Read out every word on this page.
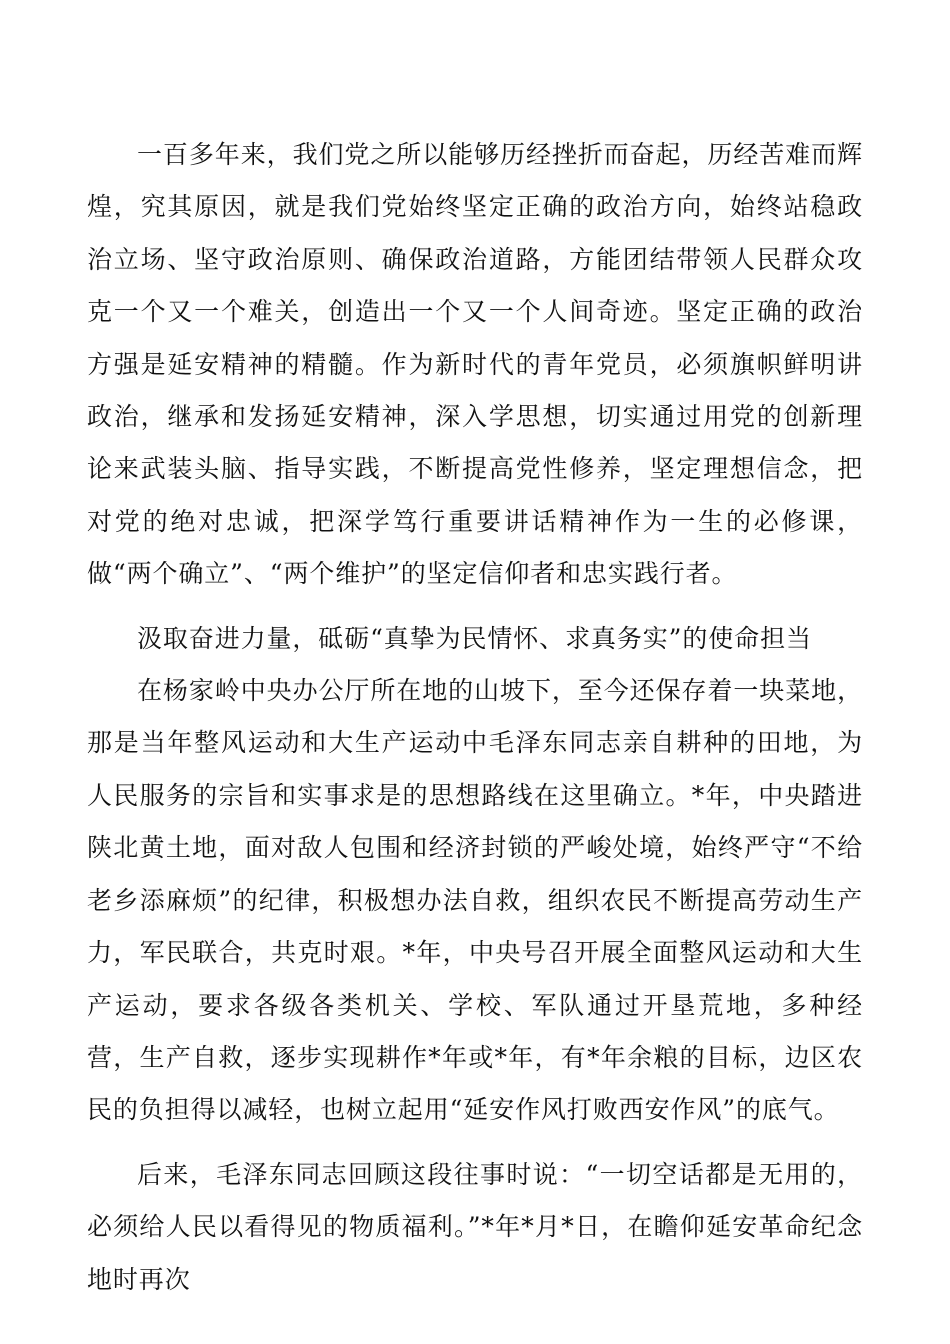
一百多年来，我们党之所以能够历经挫折而奋起，历经苦难而辉煌，究其原因，就是我们党始终坚定正确的政治方向，始终站稳政治立场、坚守政治原则、确保政治道路，方能团结带领人民群众攻克一个又一个难关，创造出一个又一个人间奇迹。坚定正确的政治方强是延安精神的精髓。作为新时代的青年党员，必须旗帜鲜明讲政治，继承和发扬延安精神，深入学思想，切实通过用党的创新理论来武装头脑、指导实践，不断提高党性修养，坚定理想信念，把对党的绝对忠诚，把深学笃行重要讲话精神作为一生的必修课，做“两个确立”、“两个维护”的坚定信仰者和忠实践行者。

汲取奋进力量，砥砺“真挚为民情怀、求真务实”的使命担当

在杨家岭中央办公厅所在地的山坡下，至今还保存着一块菜地，那是当年整风运动和大生产运动中毛泽东同志亲自耕种的田地，为人民服务的宗旨和实事求是的思想路线在这里确立。*年，中央踏进陕北黄土地，面对敌人包围和经济封锁的严峻处境，始终严守“不给老乡添麻烦”的纪律，积极想办法自救，组织农民不断提高劳动生产力，军民联合，共克时艰。*年，中央号召开展全面整风运动和大生产运动，要求各级各类机关、学校、军队通过开垦荒地，多种经营，生产自救，逐步实现耕作*年或*年，有*年余粮的目标，边区农民的负担得以减轻，也树立起用“延安作风打败西安作风”的底气。

后来，毛泽东同志回顾这段往事时说：“一切空话都是无用的，必须给人民以看得见的物质福利。”*年*月*日，在瞻仰延安革命纪念地时再次
